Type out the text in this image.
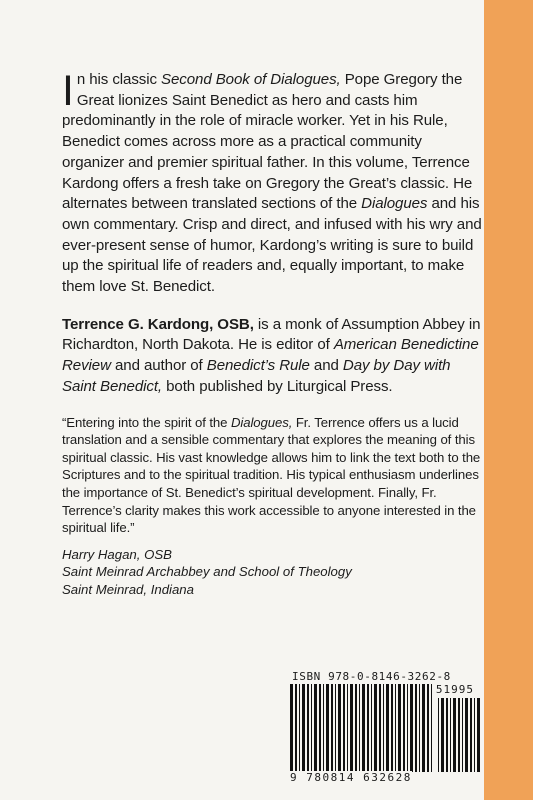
In his classic Second Book of Dialogues, Pope Gregory the Great lionizes Saint Benedict as hero and casts him predominantly in the role of miracle worker. Yet in his Rule, Benedict comes across more as a practical community organizer and premier spiritual father. In this volume, Terrence Kardong offers a fresh take on Gregory the Great’s classic. He alternates between translated sections of the Dialogues and his own commentary. Crisp and direct, and infused with his wry and ever-present sense of humor, Kardong’s writing is sure to build up the spiritual life of readers and, equally important, to make them love St. Benedict.

Terrence G. Kardong, OSB, is a monk of Assumption Abbey in Richardton, North Dakota. He is editor of American Benedictine Review and author of Benedict’s Rule and Day by Day with Saint Benedict, both published by Liturgical Press.

“Entering into the spirit of the Dialogues, Fr. Terrence offers us a lucid translation and a sensible commentary that explores the meaning of this spiritual classic. His vast knowledge allows him to link the text both to the Scriptures and to the spiritual tradition. His typical enthusiasm underlines the importance of St. Benedict’s spiritual development. Finally, Fr. Terrence’s clarity makes this work accessible to anyone interested in the spiritual life.”

Harry Hagan, OSB
Saint Meinrad Archabbey and School of Theology
Saint Meinrad, Indiana
ISBN 978-0-8146-3262-8
51995
9 780814 632628
